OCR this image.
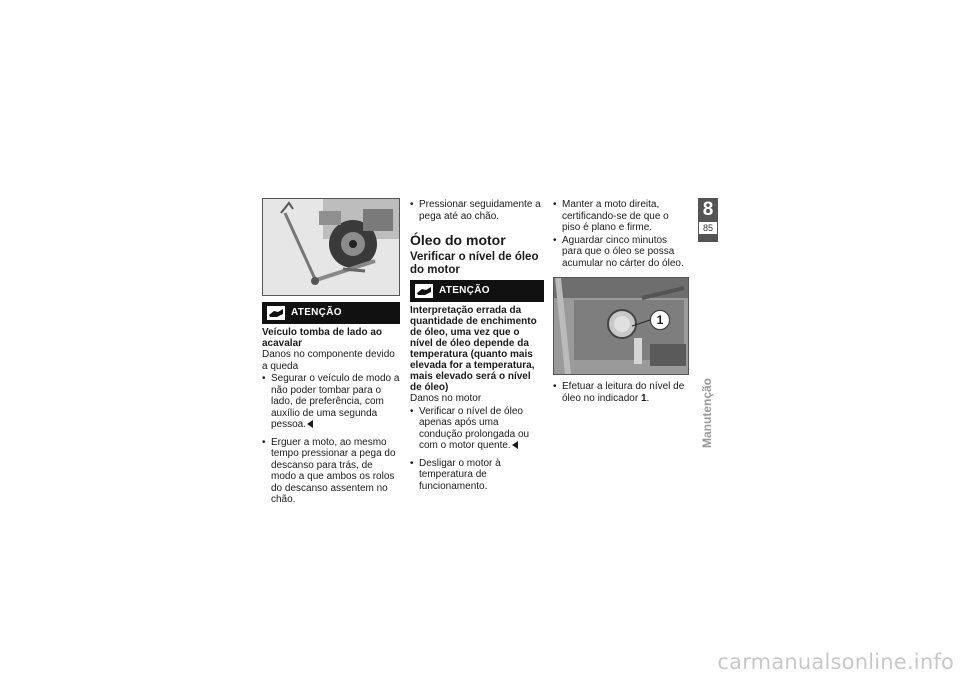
ATENÇÃO

Veículo tomba de lado ao acavalar

Danos no componente devido a queda

• Segurar o veículo de modo a não poder tombar para o lado, de preferência, com auxílio de uma segunda pessoa.
• Erguer a moto, ao mesmo tempo pressionar a pega do descanso para trás, de modo a que ambos os rolos do descanso assentem no chão.
• Pressionar seguidamente a pega até ao chão.
Óleo do motor
Verificar o nível de óleo do motor
ATENÇÃO

Interpretação errada da quantidade de enchimento de óleo, uma vez que o nível de óleo depende da temperatura (quanto mais elevada for a temperatura, mais elevado será o nível de óleo)

Danos no motor

• Verificar o nível de óleo apenas após uma condução prolongada ou com o motor quente.
• Desligar o motor à temperatura de funcionamento.
• Manter a moto direita, certificando-se de que o piso é plano e firme.
• Aguardar cinco minutos para que o óleo se possa acumular no cárter do óleo.
1
• Efetuar a leitura do nível de óleo no indicador 1.
8
85
Manutenção
carmanualsonline.info
